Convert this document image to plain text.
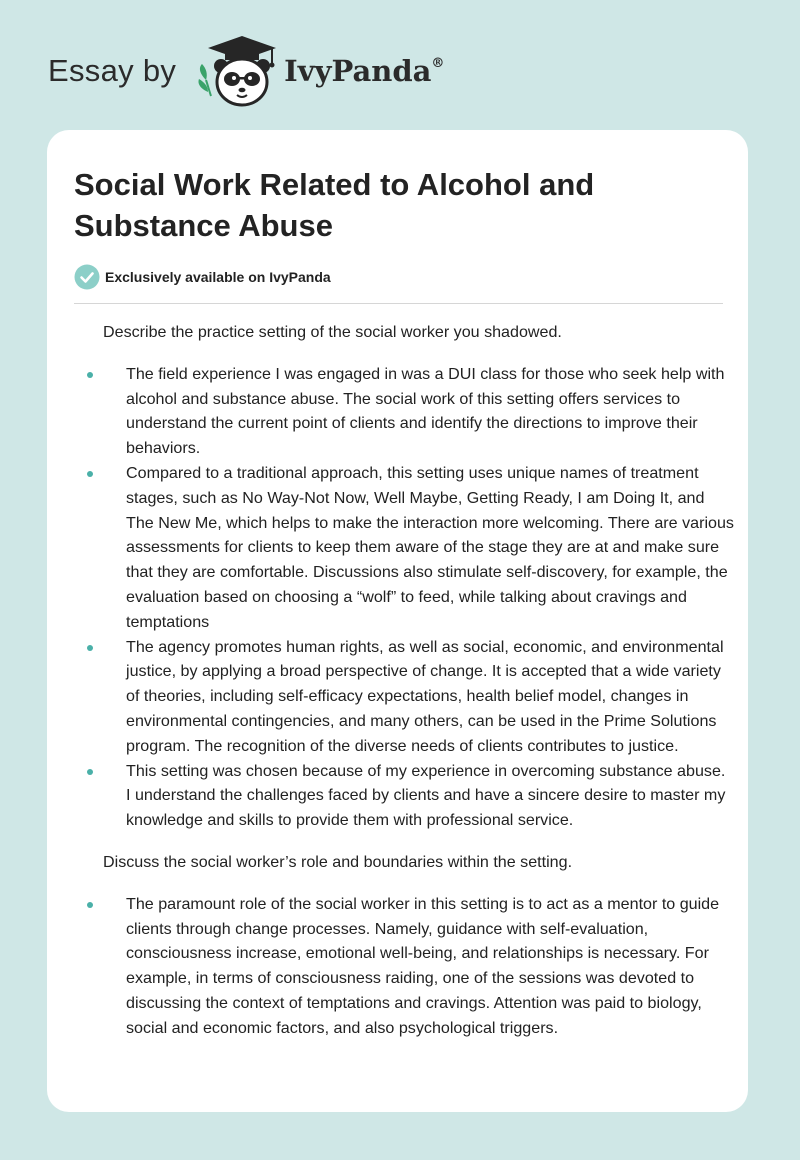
Essay by	IvyPanda®
Social Work Related to Alcohol and Substance Abuse
Exclusively available on IvyPanda

Describe the practice setting of the social worker you shadowed.

The field experience I was engaged in was a DUI class for those who seek help with alcohol and substance abuse. The social work of this setting offers services to understand the current point of clients and identify the directions to improve their behaviors.
Compared to a traditional approach, this setting uses unique names of treatment stages, such as No Way-Not Now, Well Maybe, Getting Ready, I am Doing It, and The New Me, which helps to make the interaction more welcoming. There are various assessments for clients to keep them aware of the stage they are at and make sure that they are comfortable. Discussions also stimulate self-discovery, for example, the evaluation based on choosing a “wolf” to feed, while talking about cravings and temptations
The agency promotes human rights, as well as social, economic, and environmental justice, by applying a broad perspective of change. It is accepted that a wide variety of theories, including self-efficacy expectations, health belief model, changes in environmental contingencies, and many others, can be used in the Prime Solutions program. The recognition of the diverse needs of clients contributes to justice.
This setting was chosen because of my experience in overcoming substance abuse. I understand the challenges faced by clients and have a sincere desire to master my knowledge and skills to provide them with professional service.

Discuss the social worker’s role and boundaries within the setting.

The paramount role of the social worker in this setting is to act as a mentor to guide clients through change processes. Namely, guidance with self-evaluation, consciousness increase, emotional well-being, and relationships is necessary. For example, in terms of consciousness raiding, one of the sessions was devoted to discussing the context of temptations and cravings. Attention was paid to biology, social and economic factors, and also psychological triggers.
